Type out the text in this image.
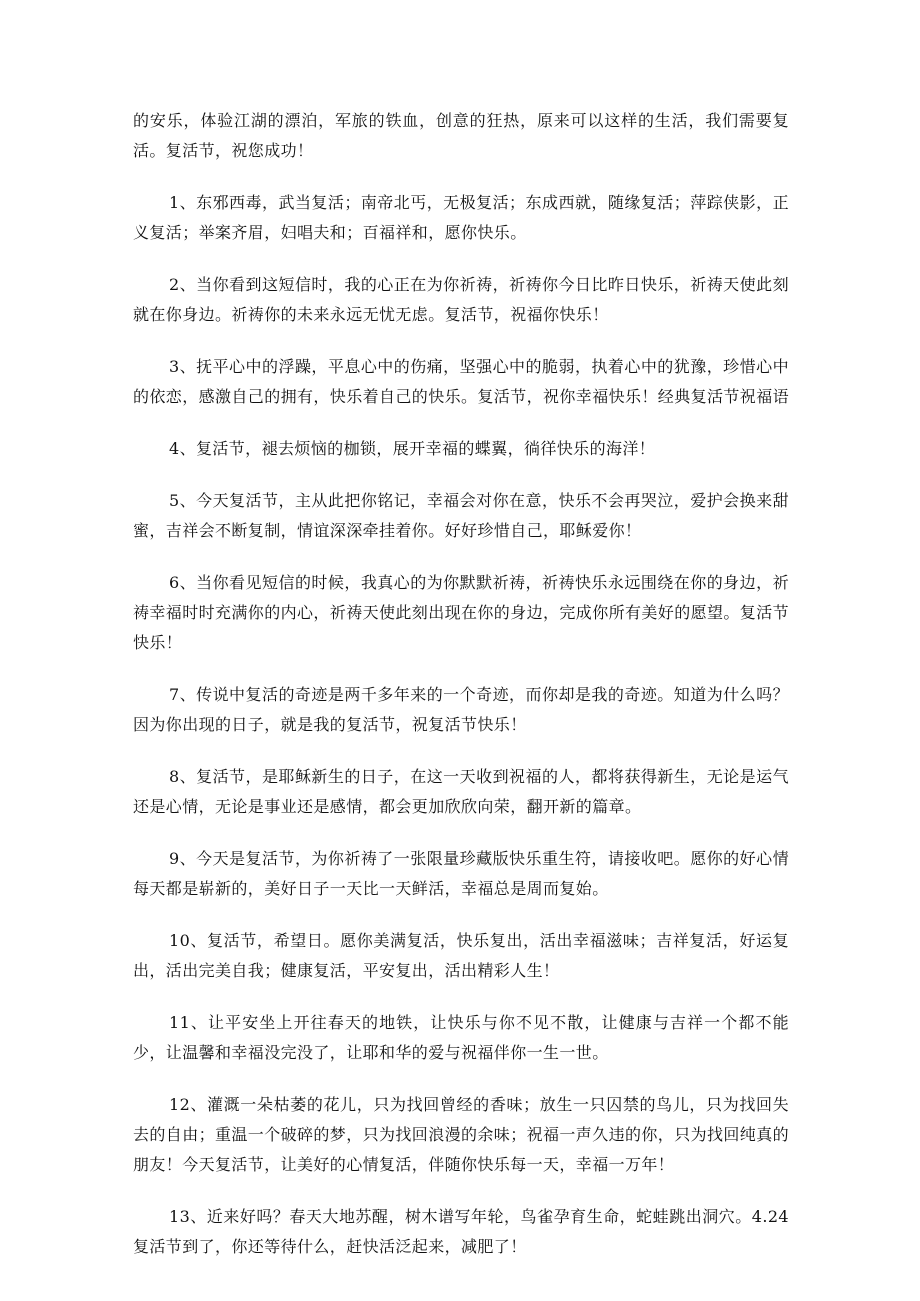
的安乐，体验江湖的漂泊，军旅的铁血，创意的狂热，原来可以这样的生活，我们需要复活。复活节，祝您成功！

1、东邪西毒，武当复活；南帝北丐，无极复活；东成西就，随缘复活；萍踪侠影，正义复活；举案齐眉，妇唱夫和；百福祥和，愿你快乐。

2、当你看到这短信时，我的心正在为你祈祷，祈祷你今日比昨日快乐，祈祷天使此刻就在你身边。祈祷你的未来永远无忧无虑。复活节，祝福你快乐！

3、抚平心中的浮躁，平息心中的伤痛，坚强心中的脆弱，执着心中的犹豫，珍惜心中的依恋，感激自己的拥有，快乐着自己的快乐。复活节，祝你幸福快乐！经典复活节祝福语

4、复活节，褪去烦恼的枷锁，展开幸福的蝶翼，徜徉快乐的海洋！

5、今天复活节，主从此把你铭记，幸福会对你在意，快乐不会再哭泣，爱护会换来甜蜜，吉祥会不断复制，情谊深深牵挂着你。好好珍惜自己，耶稣爱你！

6、当你看见短信的时候，我真心的为你默默祈祷，祈祷快乐永远围绕在你的身边，祈祷幸福时时充满你的内心，祈祷天使此刻出现在你的身边，完成你所有美好的愿望。复活节快乐！

7、传说中复活的奇迹是两千多年来的一个奇迹，而你却是我的奇迹。知道为什么吗？因为你出现的日子，就是我的复活节，祝复活节快乐！

8、复活节，是耶稣新生的日子，在这一天收到祝福的人，都将获得新生，无论是运气还是心情，无论是事业还是感情，都会更加欣欣向荣，翻开新的篇章。

9、今天是复活节，为你祈祷了一张限量珍藏版快乐重生符，请接收吧。愿你的好心情每天都是崭新的，美好日子一天比一天鲜活，幸福总是周而复始。

10、复活节，希望日。愿你美满复活，快乐复出，活出幸福滋味；吉祥复活，好运复出，活出完美自我；健康复活，平安复出，活出精彩人生！

11、让平安坐上开往春天的地铁，让快乐与你不见不散，让健康与吉祥一个都不能少，让温馨和幸福没完没了，让耶和华的爱与祝福伴你一生一世。

12、灌溉一朵枯萎的花儿，只为找回曾经的香味；放生一只囚禁的鸟儿，只为找回失去的自由；重温一个破碎的梦，只为找回浪漫的余味；祝福一声久违的你，只为找回纯真的朋友！今天复活节，让美好的心情复活，伴随你快乐每一天，幸福一万年！

13、近来好吗？春天大地苏醒，树木谱写年轮，鸟雀孕育生命，蛇蛙跳出洞穴。4.24复活节到了，你还等待什么，赶快活泛起来，减肥了！
